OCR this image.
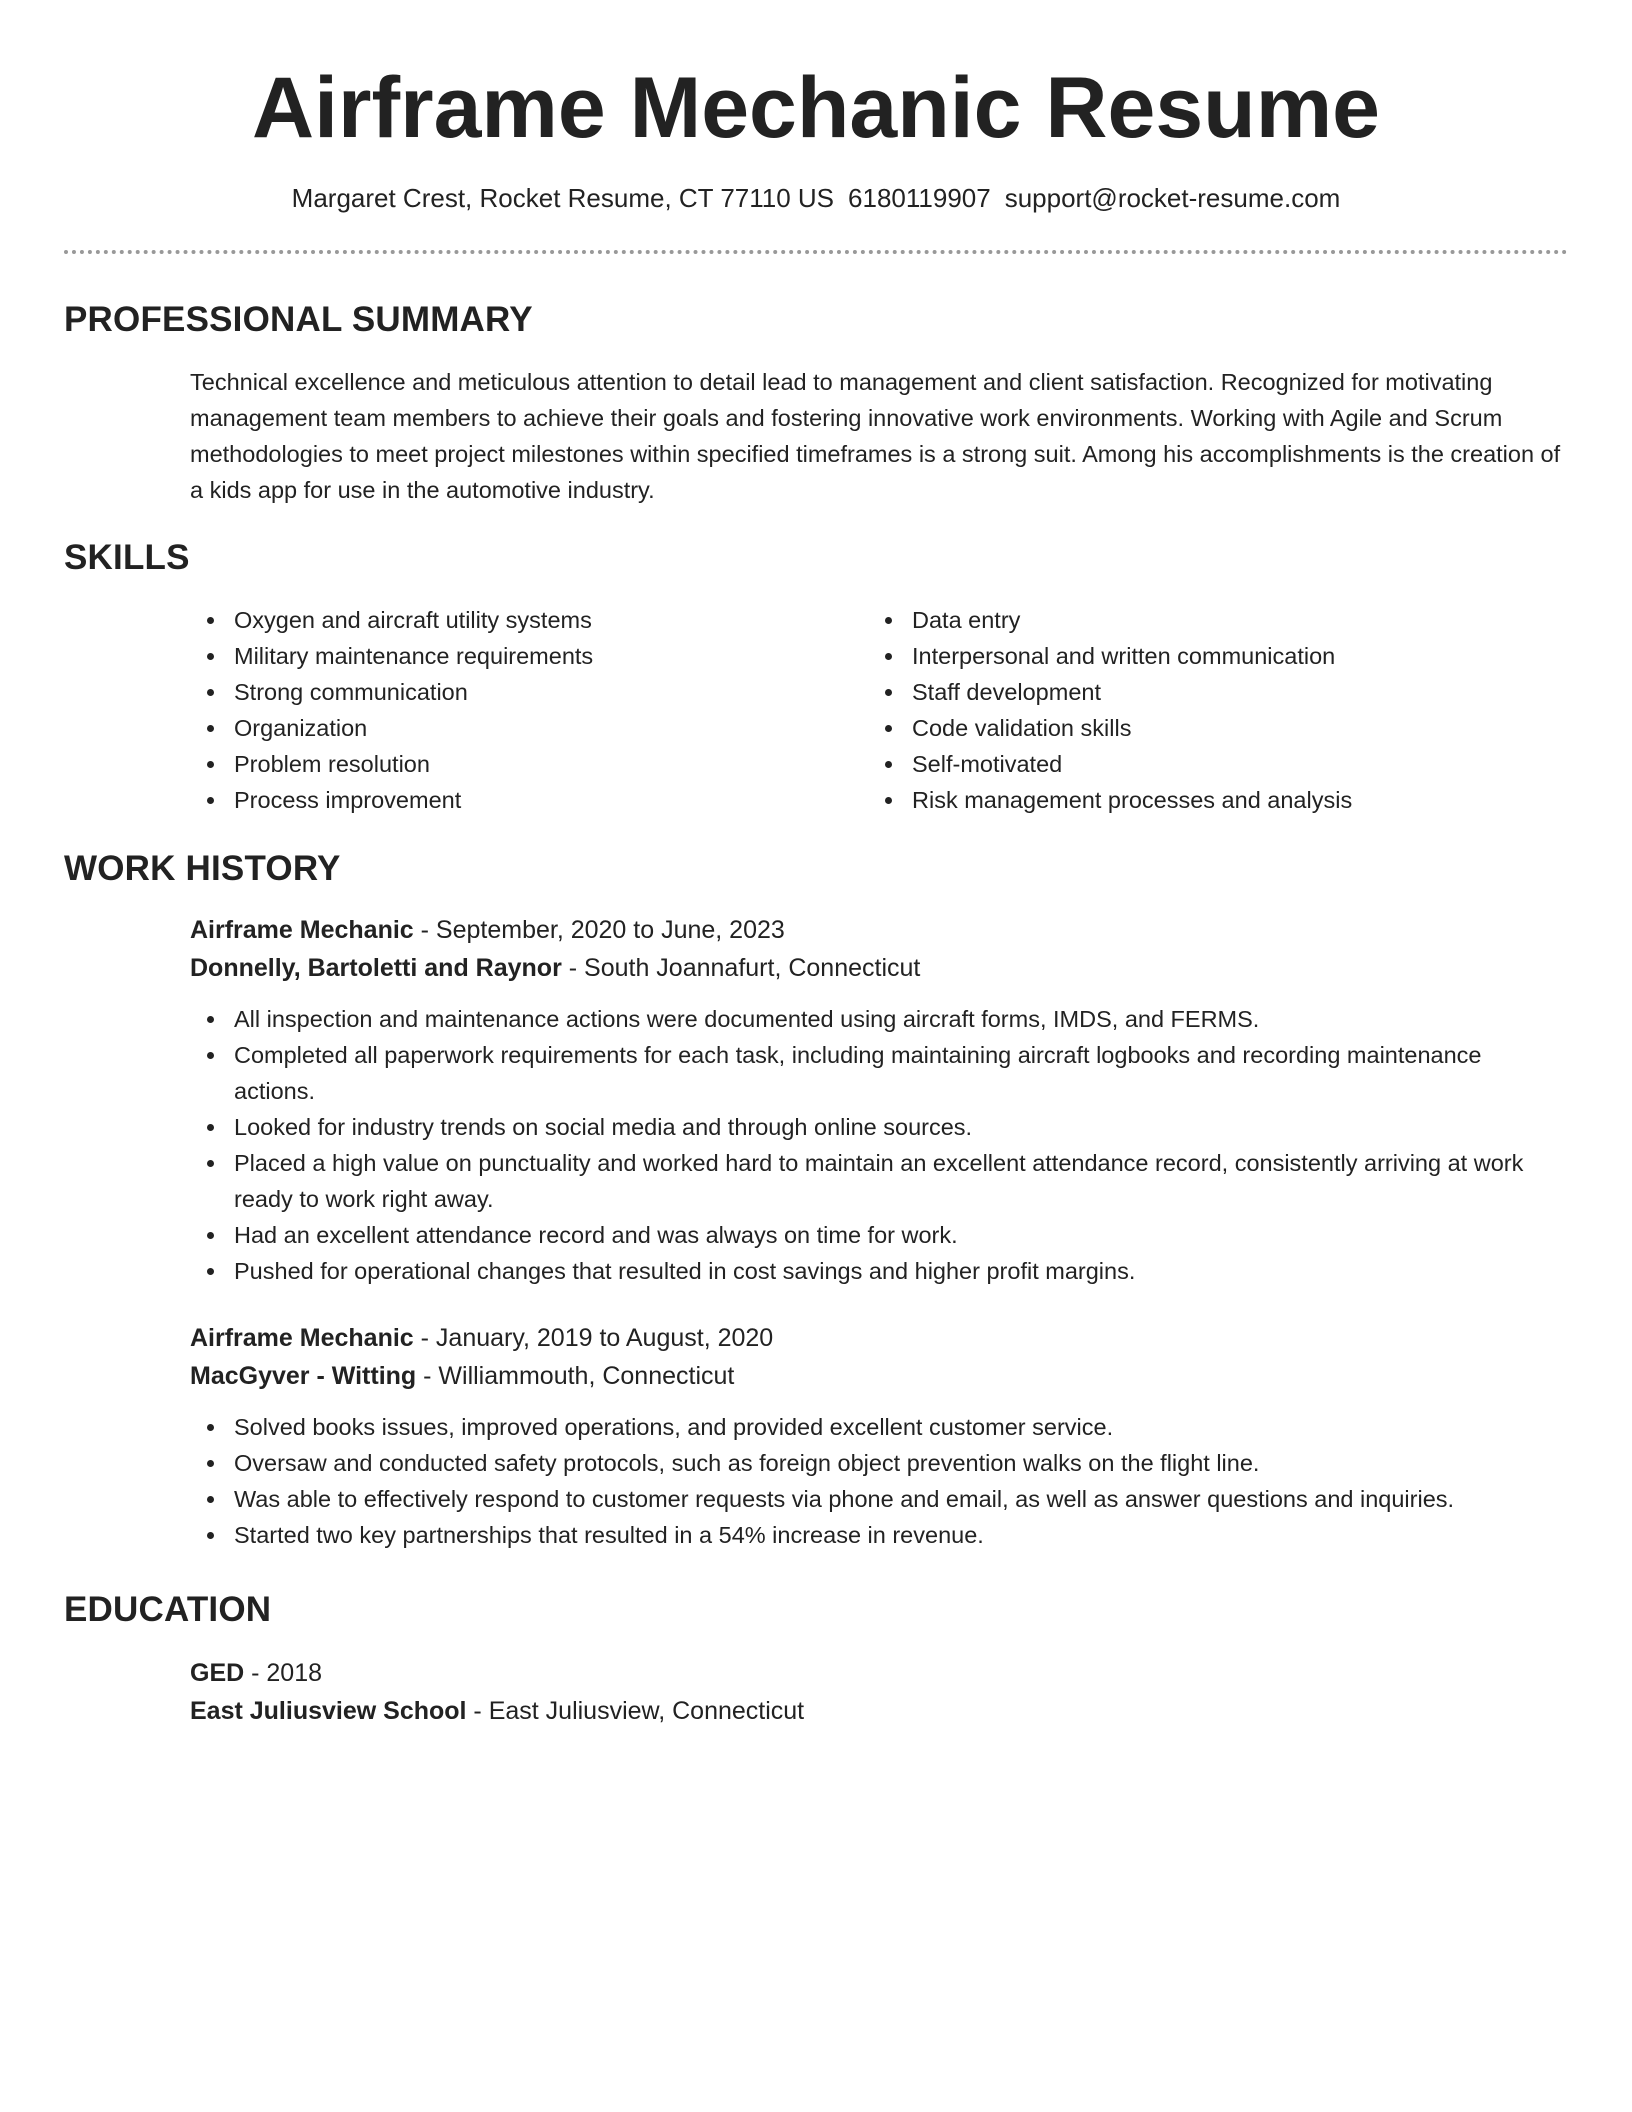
Airframe Mechanic Resume
Margaret Crest, Rocket Resume, CT 77110 US 6180119907 support@rocket-resume.com
PROFESSIONAL SUMMARY

Technical excellence and meticulous attention to detail lead to management and client satisfaction. Recognized for motivating management team members to achieve their goals and fostering innovative work environments. Working with Agile and Scrum methodologies to meet project milestones within specified timeframes is a strong suit. Among his accomplishments is the creation of a kids app for use in the automotive industry.

SKILLS
Oxygen and aircraft utility systems
Military maintenance requirements
Strong communication
Organization
Problem resolution
Process improvement
Data entry
Interpersonal and written communication
Staff development
Code validation skills
Self-motivated
Risk management processes and analysis
WORK HISTORY
Airframe Mechanic - September, 2020 to June, 2023
Donnelly, Bartoletti and Raynor - South Joannafurt, Connecticut
All inspection and maintenance actions were documented using aircraft forms, IMDS, and FERMS.
Completed all paperwork requirements for each task, including maintaining aircraft logbooks and recording maintenance actions.
Looked for industry trends on social media and through online sources.
Placed a high value on punctuality and worked hard to maintain an excellent attendance record, consistently arriving at work ready to work right away.
Had an excellent attendance record and was always on time for work.
Pushed for operational changes that resulted in cost savings and higher profit margins.
Airframe Mechanic - January, 2019 to August, 2020
MacGyver - Witting - Williammouth, Connecticut
Solved books issues, improved operations, and provided excellent customer service.
Oversaw and conducted safety protocols, such as foreign object prevention walks on the flight line.
Was able to effectively respond to customer requests via phone and email, as well as answer questions and inquiries.
Started two key partnerships that resulted in a 54% increase in revenue.
EDUCATION
GED - 2018
East Juliusview School - East Juliusview, Connecticut
